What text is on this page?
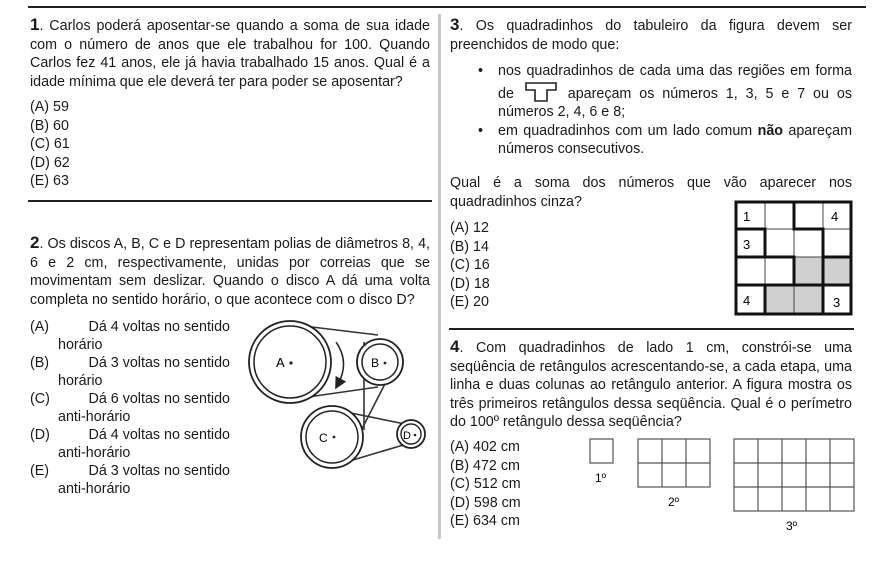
1. Carlos poderá aposentar-se quando a soma de sua idade com o número de anos que ele trabalhou for 100. Quando Carlos fez 41 anos, ele já havia trabalhado 15 anos. Qual é a idade mínima que ele deverá ter para poder se aposentar?
(A) 59
(B) 60
(C) 61
(D) 62
(E) 63
2. Os discos A, B, C e D representam polias de diâmetros 8, 4, 6 e 2 cm, respectivamente, unidas por correias que se movimentam sem deslizar. Quando o disco A dá uma volta completa no sentido horário, o que acontece com o disco D?
(A)	Dá 4 voltas no sentido
horário
(B)	Dá 3 voltas no sentido
horário
(C)	Dá 6 voltas no sentido
anti-horário
(D)	Dá 4 voltas no sentido
anti-horário
(E)	Dá 3 voltas no sentido
anti-horário
A	B
C	D
3. Os quadradinhos do tabuleiro da figura devem ser preenchidos de modo que:
• nos quadradinhos de cada uma das regiões em forma de	apareçam os números 1, 3, 5 e 7 ou os números 2, 4, 6 e 8;
• em quadradinhos com um lado comum não apareçam números consecutivos.
Qual é a soma dos números que vão aparecer nos quadradinhos cinza?
(A) 12
(B) 14
(C) 16
(D) 18
(E) 20
1	4
3
4	3
4. Com quadradinhos de lado 1 cm, constrói-se uma seqüência de retângulos acrescentando-se, a cada etapa, uma linha e duas colunas ao retângulo anterior. A figura mostra os três primeiros retângulos dessa seqüência. Qual é o perímetro do 100º retângulo dessa seqüência?
(A) 402 cm
(B) 472 cm
(C) 512 cm
(D) 598 cm
(E) 634 cm
1º
2º
3º
